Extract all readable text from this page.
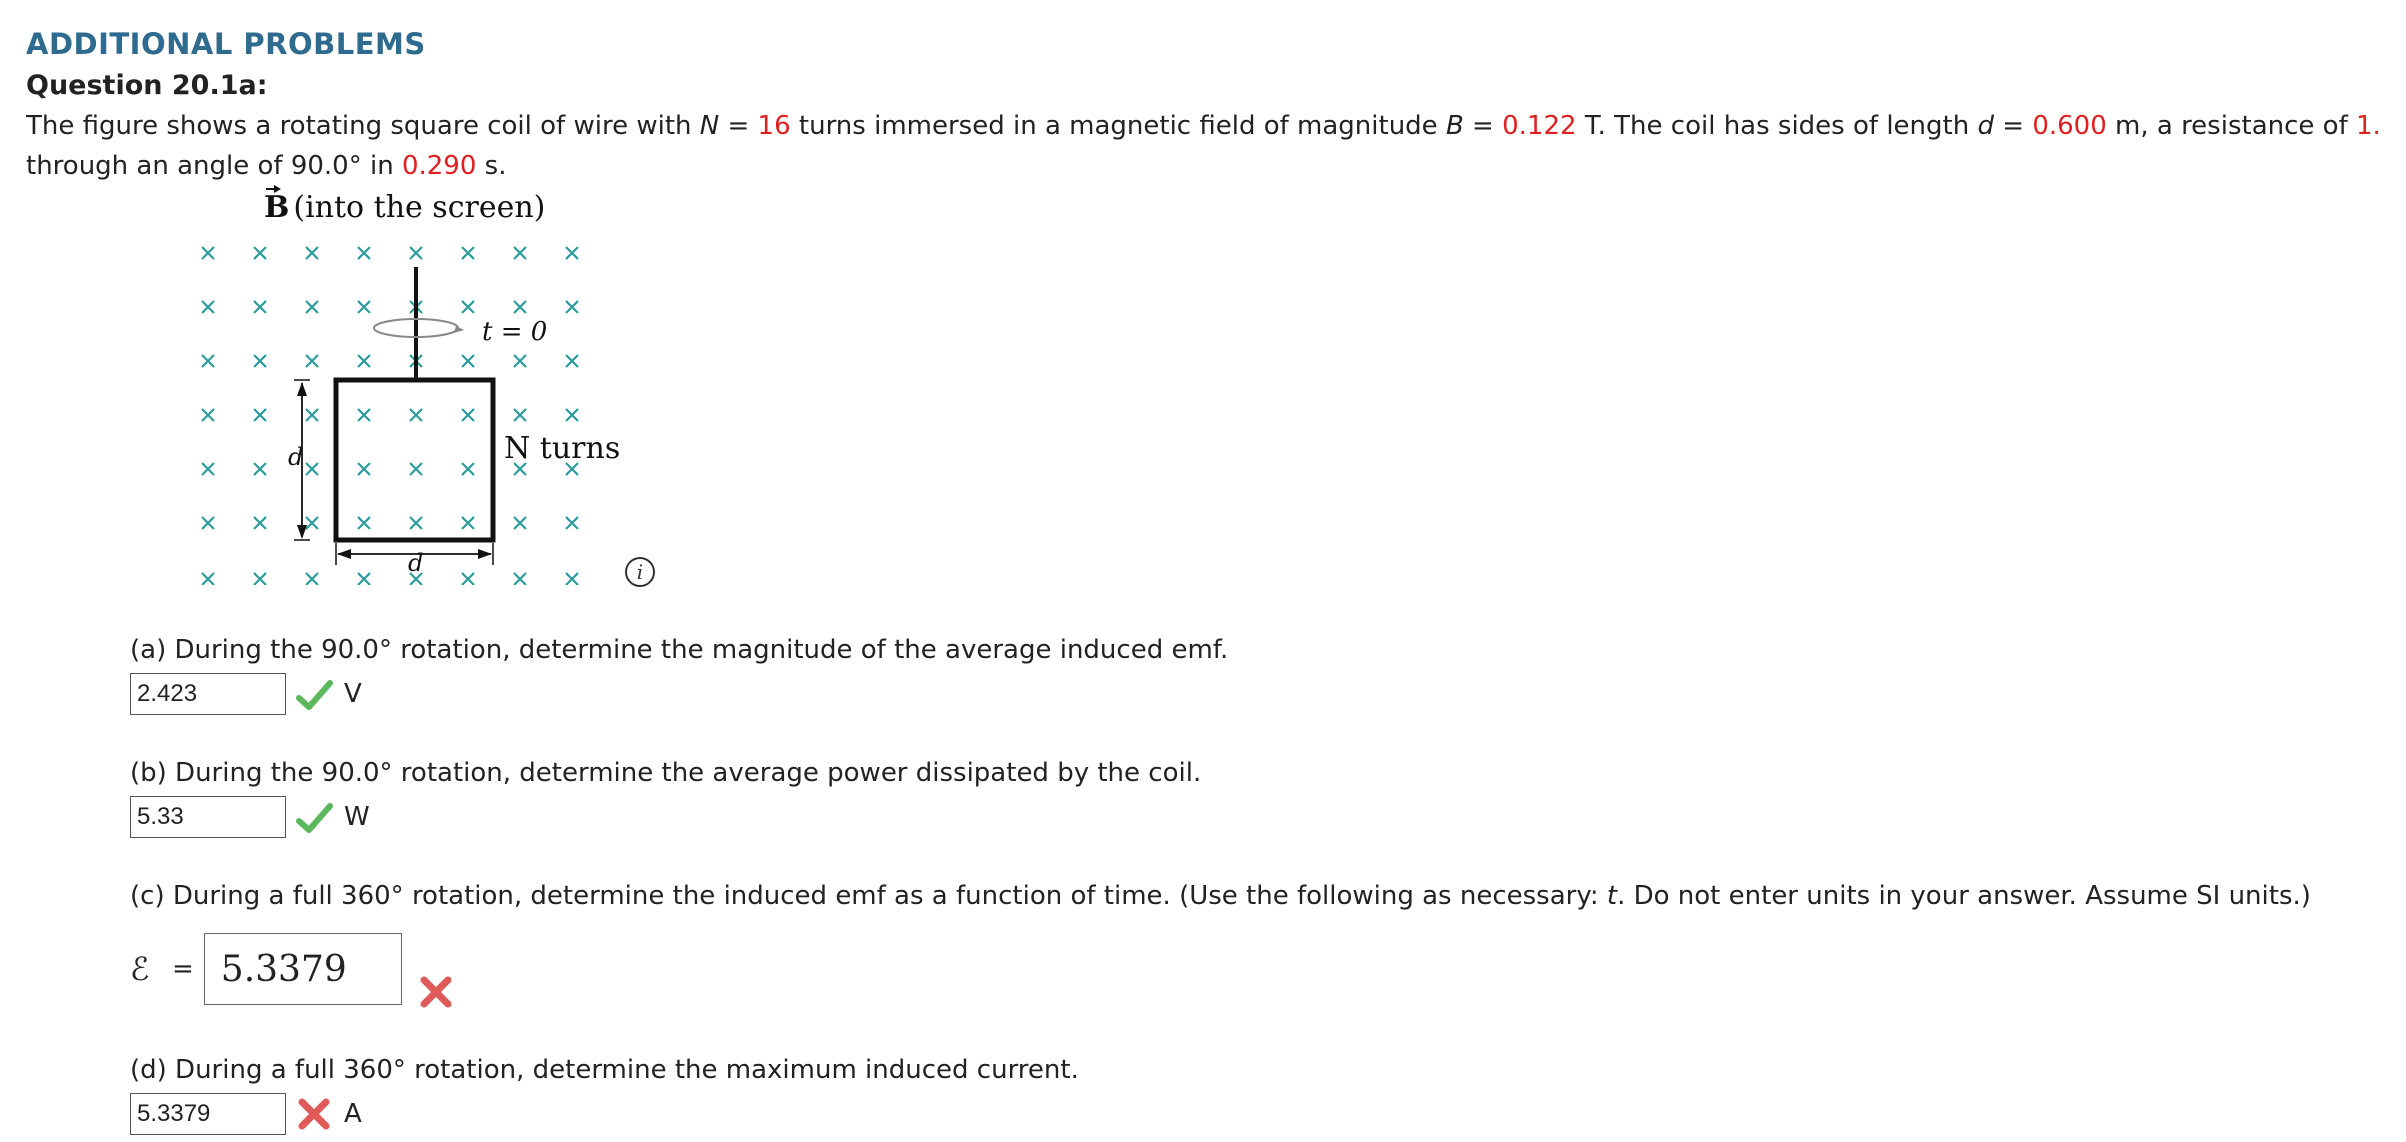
ADDITIONAL PROBLEMS
Question 20.1a:

The figure shows a rotating square coil of wire with N = 16 turns immersed in a magnetic field of magnitude B = 0.122 T. The coil has sides of length d = 0.600 m, a resistance of 1.
through an angle of 90.0° in 0.290 s.

B (into the screen)
t = 0
N turns
d
d	i
(a) During the 90.0° rotation, determine the magnitude of the average induced emf.
2.423
V
(b) During the 90.0° rotation, determine the average power dissipated by the coil.
5.33
W
(c) During a full 360° rotation, determine the induced emf as a function of time. (Use the following as necessary: t. Do not enter units in your answer. Assume SI units.)
ℰ =
5.3379
(d) During a full 360° rotation, determine the maximum induced current.
5.3379
A
